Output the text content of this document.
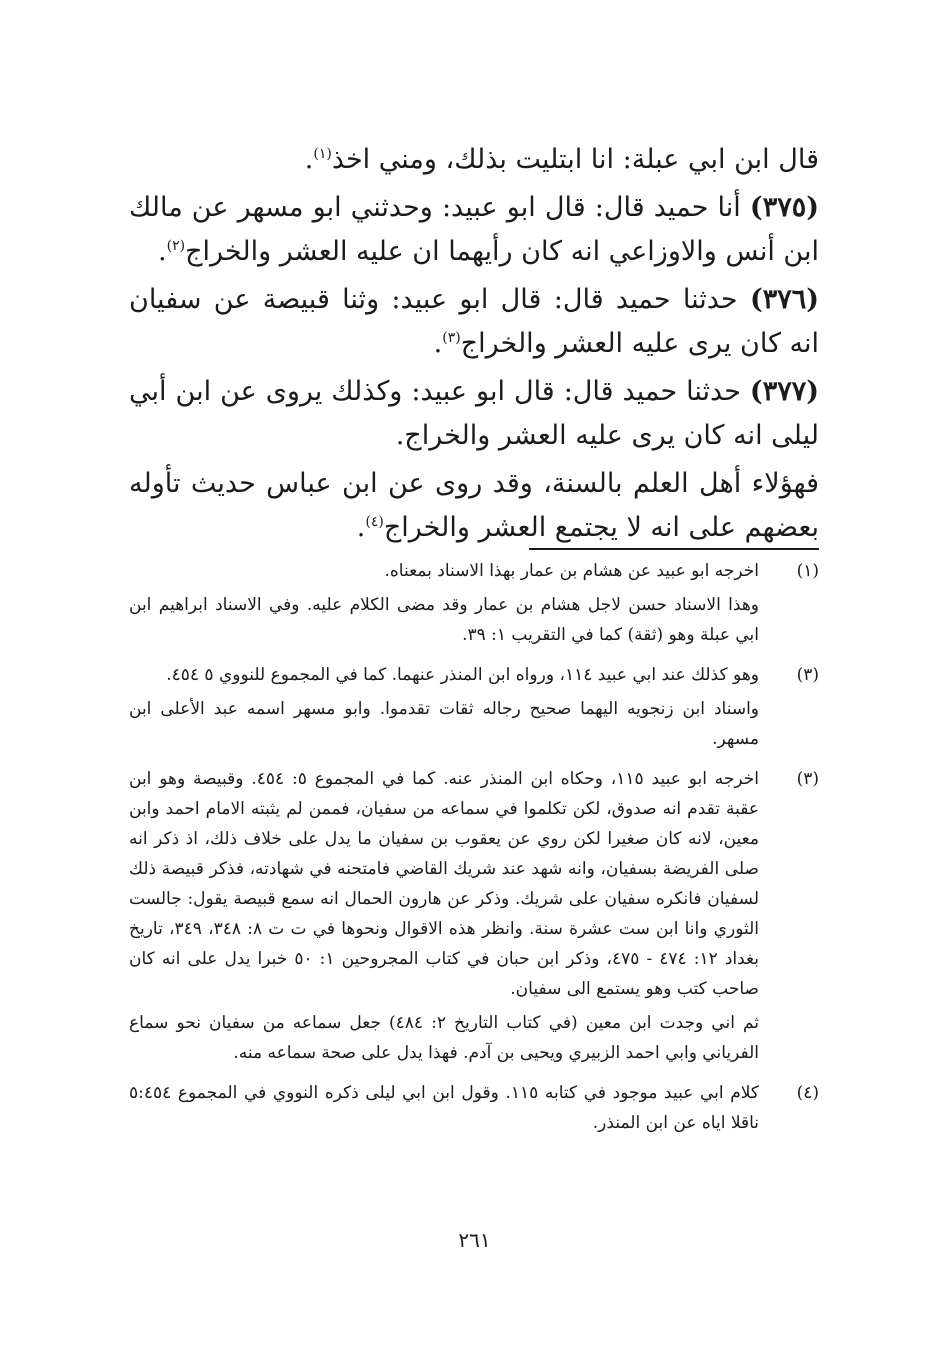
قال ابن ابي عبلة: انا ابتليت بذلك، ومني اخذ$^{(١)}$.

(٣٧٥) أنا حميد قال: قال ابو عبيد: وحدثني ابو مسهر عن مالك ابن أنس والاوزاعي انه كان رأيهما ان عليه العشر والخراج$^{(٢)}$.

(٣٧٦) حدثنا حميد قال: قال ابو عبيد: وثنا قبيصة عن سفيان انه كان يرى عليه العشر والخراج$^{(٣)}$.

(٣٧٧) حدثنا حميد قال: قال ابو عبيد: وكذلك يروى عن ابن أبي ليلى انه كان يرى عليه العشر والخراج.

فهؤلاء أهل العلم بالسنة، وقد روى عن ابن عباس حديث تأوله بعضهم على انه لا يجتمع العشر والخراج$^{(٤)}$.

(١)

اخرجه ابو عبيد عن هشام بن عمار بهذا الاسناد بمعناه.

وهذا الاسناد حسن لاجل هشام بن عمار وقد مضى الكلام عليه. وفي الاسناد ابراهيم ابن ابي عبلة وهو (ثقة) كما في التقريب ١: ٣٩.

(٣)

وهو كذلك عند ابي عبيد ١١٤، ورواه ابن المنذر عنهما. كما في المجموع للنووي ٥ ٤٥٤.

واسناد ابن زنجويه اليهما صحيح رجاله ثقات تقدموا. وابو مسهر اسمه عبد الأعلى ابن مسهر.

(٣)

اخرجه ابو عبيد ١١٥، وحكاه ابن المنذر عنه. كما في المجموع ٥: ٤٥٤. وقبيصة وهو ابن عقبة تقدم انه صدوق، لكن تكلموا في سماعه من سفيان، فممن لم يثبته الامام احمد وابن معين، لانه كان صغيرا لكن روي عن يعقوب بن سفيان ما يدل على خلاف ذلك، اذ ذكر انه صلى الفريضة بسفيان، وانه شهد عند شريك القاضي فامتحنه في شهادته، فذكر قبيصة ذلك لسفيان فانكره سفيان على شريك. وذكر عن هارون الحمال انه سمع قبيصة يقول: جالست الثوري وانا ابن ست عشرة سنة. وانظر هذه الاقوال ونحوها في ت ت ٨: ٣٤٨، ٣٤٩، تاريخ بغداد ١٢: ٤٧٤ - ٤٧٥، وذكر ابن حبان في كتاب المجروحين ١: ٥٠ خبرا يدل على انه كان صاحب كتب وهو يستمع الى سفيان.

ثم اني وجدت ابن معين (في كتاب التاريخ ٢: ٤٨٤) جعل سماعه من سفيان نحو سماع الفرياني وابي احمد الزبيري ويحيى بن آدم. فهذا يدل على صحة سماعه منه.

(٤)

كلام ابي عبيد موجود في كتابه ١١٥. وقول ابن ابي ليلى ذكره النووي في المجموع ٥:٤٥٤ ناقلا اياه عن ابن المنذر.

٢٦١
